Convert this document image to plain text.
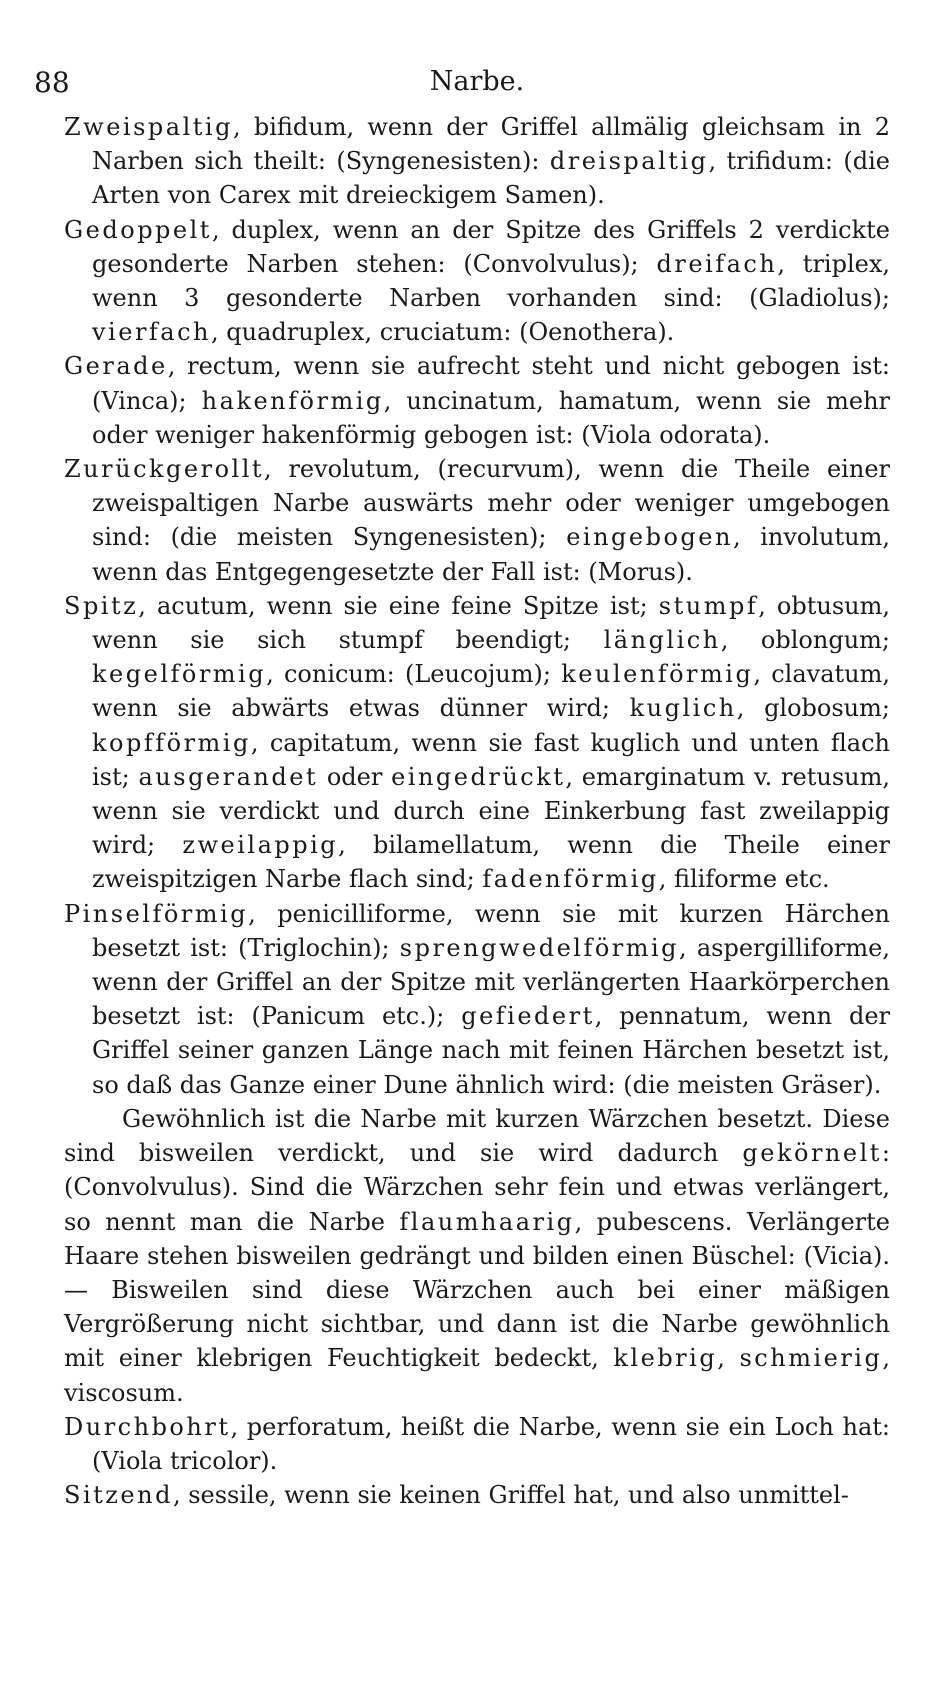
88	Narbe.

Zweispaltig, bifidum, wenn der Griffel allmälig gleichsam in 2 Narben sich theilt: (Syngenesisten): dreispaltig, trifidum: (die Arten von Carex mit dreieckigem Samen).

Gedoppelt, duplex, wenn an der Spitze des Griffels 2 verdickte gesonderte Narben stehen: (Convolvulus); dreifach, triplex, wenn 3 gesonderte Narben vorhanden sind: (Gladiolus); vierfach, quadruplex, cruciatum: (Oenothera).

Gerade, rectum, wenn sie aufrecht steht und nicht gebogen ist: (Vinca); hakenförmig, uncinatum, hamatum, wenn sie mehr oder weniger hakenförmig gebogen ist: (Viola odorata).

Zurückgerollt, revolutum, (recurvum), wenn die Theile einer zweispaltigen Narbe auswärts mehr oder weniger umgebogen sind: (die meisten Syngenesisten); eingebogen, involutum, wenn das Entgegengesetzte der Fall ist: (Morus).

Spitz, acutum, wenn sie eine feine Spitze ist; stumpf, obtusum, wenn sie sich stumpf beendigt; länglich, oblongum; kegelförmig, conicum: (Leucojum); keulenförmig, clavatum, wenn sie abwärts etwas dünner wird; kuglich, globosum; kopfförmig, capitatum, wenn sie fast kuglich und unten flach ist; ausgerandet oder eingedrückt, emarginatum v. retusum, wenn sie verdickt und durch eine Einkerbung fast zweilappig wird; zweilappig, bilamellatum, wenn die Theile einer zweispitzigen Narbe flach sind; fadenförmig, filiforme etc.

Pinselförmig, penicilliforme, wenn sie mit kurzen Härchen besetzt ist: (Triglochin); sprengwedelförmig, aspergilliforme, wenn der Griffel an der Spitze mit verlängerten Haarkörperchen besetzt ist: (Panicum etc.); gefiedert, pennatum, wenn der Griffel seiner ganzen Länge nach mit feinen Härchen besetzt ist, so daß das Ganze einer Dune ähnlich wird: (die meisten Gräser).

Gewöhnlich ist die Narbe mit kurzen Wärzchen besetzt. Diese sind bisweilen verdickt, und sie wird dadurch gekörnelt: (Convolvulus). Sind die Wärzchen sehr fein und etwas verlängert, so nennt man die Narbe flaumhaarig, pubescens. Verlängerte Haare stehen bisweilen gedrängt und bilden einen Büschel: (Vicia). — Bisweilen sind diese Wärzchen auch bei einer mäßigen Vergrößerung nicht sichtbar, und dann ist die Narbe gewöhnlich mit einer klebrigen Feuchtigkeit bedeckt, klebrig, schmierig, viscosum.

Durchbohrt, perforatum, heißt die Narbe, wenn sie ein Loch hat: (Viola tricolor).

Sitzend, sessile, wenn sie keinen Griffel hat, und also unmittel-
